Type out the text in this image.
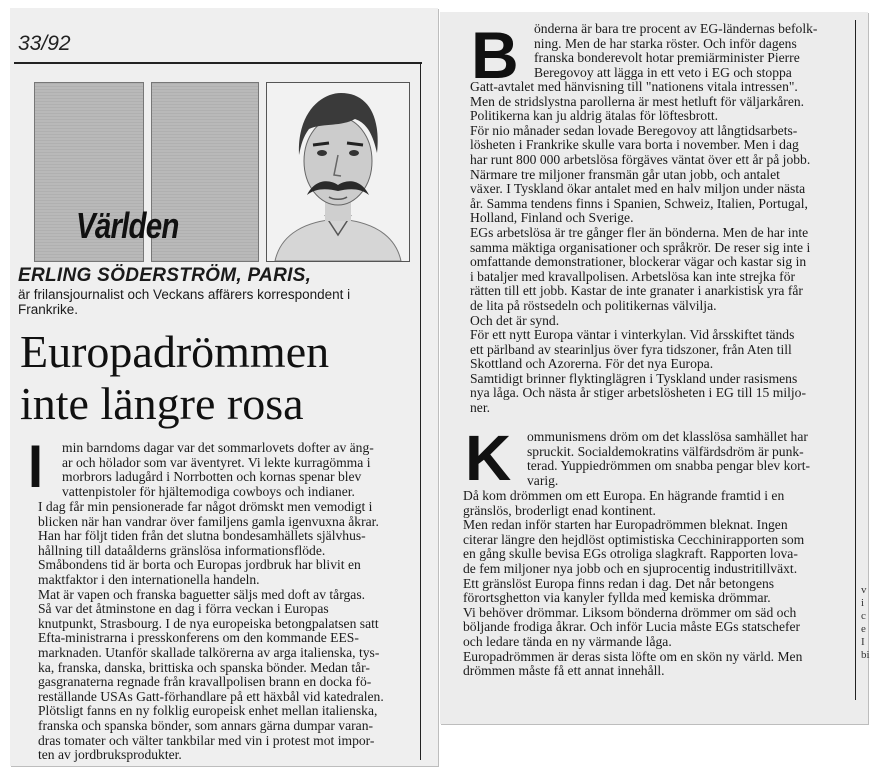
33/92
Världen
ERLING SÖDERSTRÖM, PARIS,
är frilansjournalist och Veckans affärers korrespondent i
Frankrike.
Europadrömmen
inte längre rosa
I min barndoms dagar var det sommarlovets dofter av äng-
ar och hölador som var äventyret. Vi lekte kurragömma i
morbrors ladugård i Norrbotten och kornas spenar blev
vattenpistoler för hjältemodiga cowboys och indianer.
I dag får min pensionerade far något drömskt men vemodigt i
blicken när han vandrar över familjens gamla igenvuxna åkrar.
Han har följt tiden från det slutna bondesamhällets självhus-
hållning till dataålderns gränslösa informationsflöde.
Småbondens tid är borta och Europas jordbruk har blivit en
maktfaktor i den internationella handeln.
Mat är vapen och franska baguetter säljs med doft av tårgas.
Så var det åtminstone en dag i förra veckan i Europas
knutpunkt, Strasbourg. I de nya europeiska betongpalatsen satt
Efta-ministrarna i presskonferens om den kommande EES-
marknaden. Utanför skallade talkörerna av arga italienska, tys-
ka, franska, danska, brittiska och spanska bönder. Medan tår-
gasgranaterna regnade från kravallpolisen brann en docka fö-
reställande USAs Gatt-förhandlare på ett häxbål vid katedralen.
Plötsligt fanns en ny folklig europeisk enhet mellan italienska,
franska och spanska bönder, som annars gärna dumpar varan-
dras tomater och välter tankbilar med vin i protest mot impor-
ten av jordbruksprodukter.
B önderna är bara tre procent av EG-ländernas befolk-
ning. Men de har starka röster. Och inför dagens
franska bonderevolt hotar premiärminister Pierre
Beregovoy att lägga in ett veto i EG och stoppa
Gatt-avtalet med hänvisning till "nationens vitala intressen".
Men de stridslystna parollerna är mest hetluft för väljarkåren.
Politikerna kan ju aldrig ätalas för löftesbrott.
För nio månader sedan lovade Beregovoy att långtidsarbets-
lösheten i Frankrike skulle vara borta i november. Men i dag
har runt 800 000 arbetslösa förgäves väntat över ett år på jobb.
Närmare tre miljoner fransmän går utan jobb, och antalet
växer. I Tyskland ökar antalet med en halv miljon under nästa
år. Samma tendens finns i Spanien, Schweiz, Italien, Portugal,
Holland, Finland och Sverige.
EGs arbetslösa är tre gånger fler än bönderna. Men de har inte
samma mäktiga organisationer och språkrör. De reser sig inte i
omfattande demonstrationer, blockerar vägar och kastar sig in
i bataljer med kravallpolisen. Arbetslösa kan inte strejka för
rätten till ett jobb. Kastar de inte granater i anarkistisk yra får
de lita på röstsedeln och politikernas välvilja.
Och det är synd.
För ett nytt Europa väntar i vinterkylan. Vid årsskiftet tänds
ett pärlband av stearinljus över fyra tidszoner, från Aten till
Skottland och Azorerna. För det nya Europa.
Samtidigt brinner flyktinglägren i Tyskland under rasismens
nya låga. Och nästa år stiger arbetslösheten i EG till 15 miljo-
ner.
K ommunismens dröm om det klasslösa samhället har
spruckit. Socialdemokratins välfärdsdröm är punk-
terad. Yuppiedrömmen om snabba pengar blev kort-
varig.
Då kom drömmen om ett Europa. En hägrande framtid i en
gränslös, broderligt enad kontinent.
Men redan inför starten har Europadrömmen bleknat. Ingen
citerar längre den hejdlöst optimistiska Cecchinirapporten som
en gång skulle bevisa EGs otroliga slagkraft. Rapporten lova-
de fem miljoner nya jobb och en sjuprocentig industritillväxt.
Ett gränslöst Europa finns redan i dag. Det når betongens
förortsghetton via kanyler fyllda med kemiska drömmar.
Vi behöver drömmar. Liksom bönderna drömmer om säd och
böljande frodiga åkrar. Och inför Lucia måste EGs statschefer
och ledare tända en ny värmande låga.
Europadrömmen är deras sista löfte om en skön ny värld. Men
drömmen måste få ett annat innehåll.
v
i
c
e
I
bi
